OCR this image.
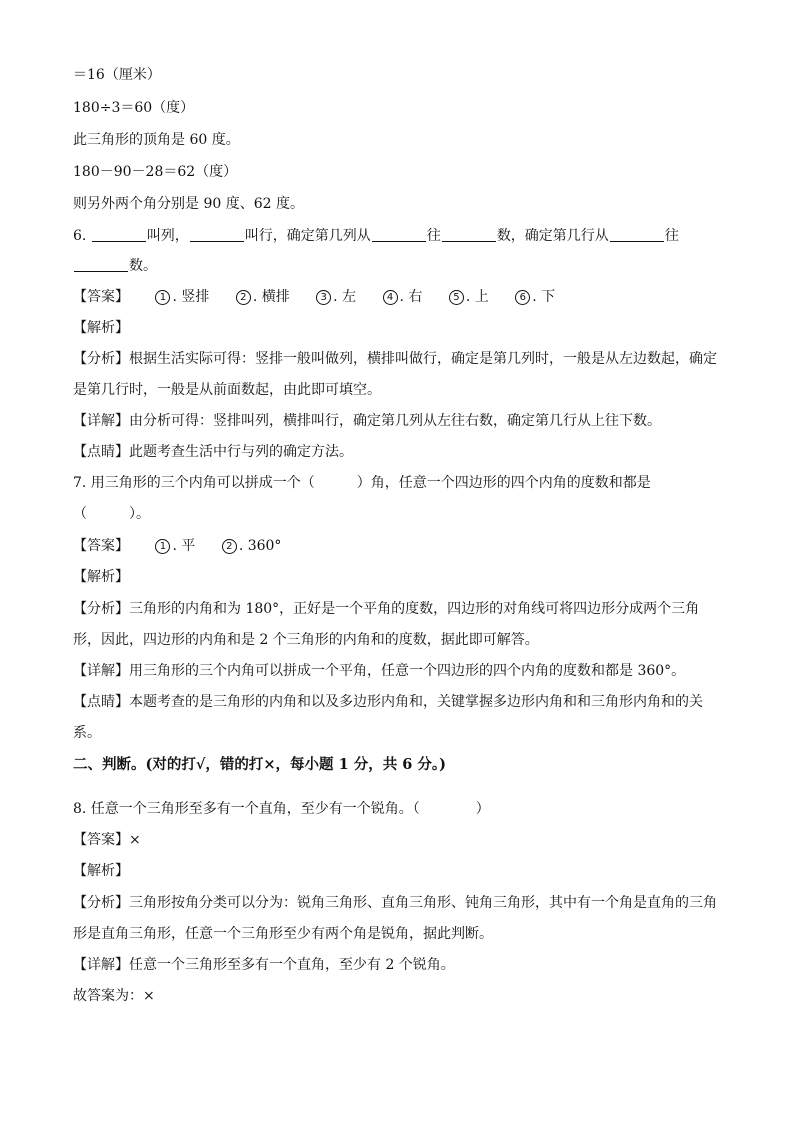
＝16（厘米）
180÷3＝60（度）
此三角形的顶角是 60 度。
180－90－28＝62（度）
则另外两个角分别是 90 度、62 度。
6.	叫列，	叫行，确定第几列从	往	数，确定第几行从	往
数。
【答案】	1 . 竖排	2 . 横排	3 . 左	4 . 右	5 . 上	6 . 下
【解析】
【分析】根据生活实际可得：竖排一般叫做列，横排叫做行，确定是第几列时，一般是从左边数起，确定
是第几行时，一般是从前面数起，由此即可填空。
【详解】由分析可得：竖排叫列，横排叫行，确定第几列从左往右数，确定第几行从上往下数。
【点睛】此题考查生活中行与列的确定方法。
7. 用三角形的三个内角可以拼成一个（　　　）角，任意一个四边形的四个内角的度数和都是
（　　　）。
【答案】	1 . 平	2 . 360°
【解析】
【分析】三角形的内角和为 180°，正好是一个平角的度数，四边形的对角线可将四边形分成两个三角
形，因此，四边形的内角和是 2 个三角形的内角和的度数，据此即可解答。
【详解】用三角形的三个内角可以拼成一个平角，任意一个四边形的四个内角的度数和都是 360°。
【点睛】本题考查的是三角形的内角和以及多边形内角和，关键掌握多边形内角和和三角形内角和的关
系。
二、判断。(对的打√，错的打×，每小题 1 分，共 6 分。)
8. 任意一个三角形至多有一个直角，至少有一个锐角。（　　　　）
【答案】×
【解析】
【分析】三角形按角分类可以分为：锐角三角形、直角三角形、钝角三角形，其中有一个角是直角的三角
形是直角三角形，任意一个三角形至少有两个角是锐角，据此判断。
【详解】任意一个三角形至多有一个直角，至少有 2 个锐角。
故答案为：×
